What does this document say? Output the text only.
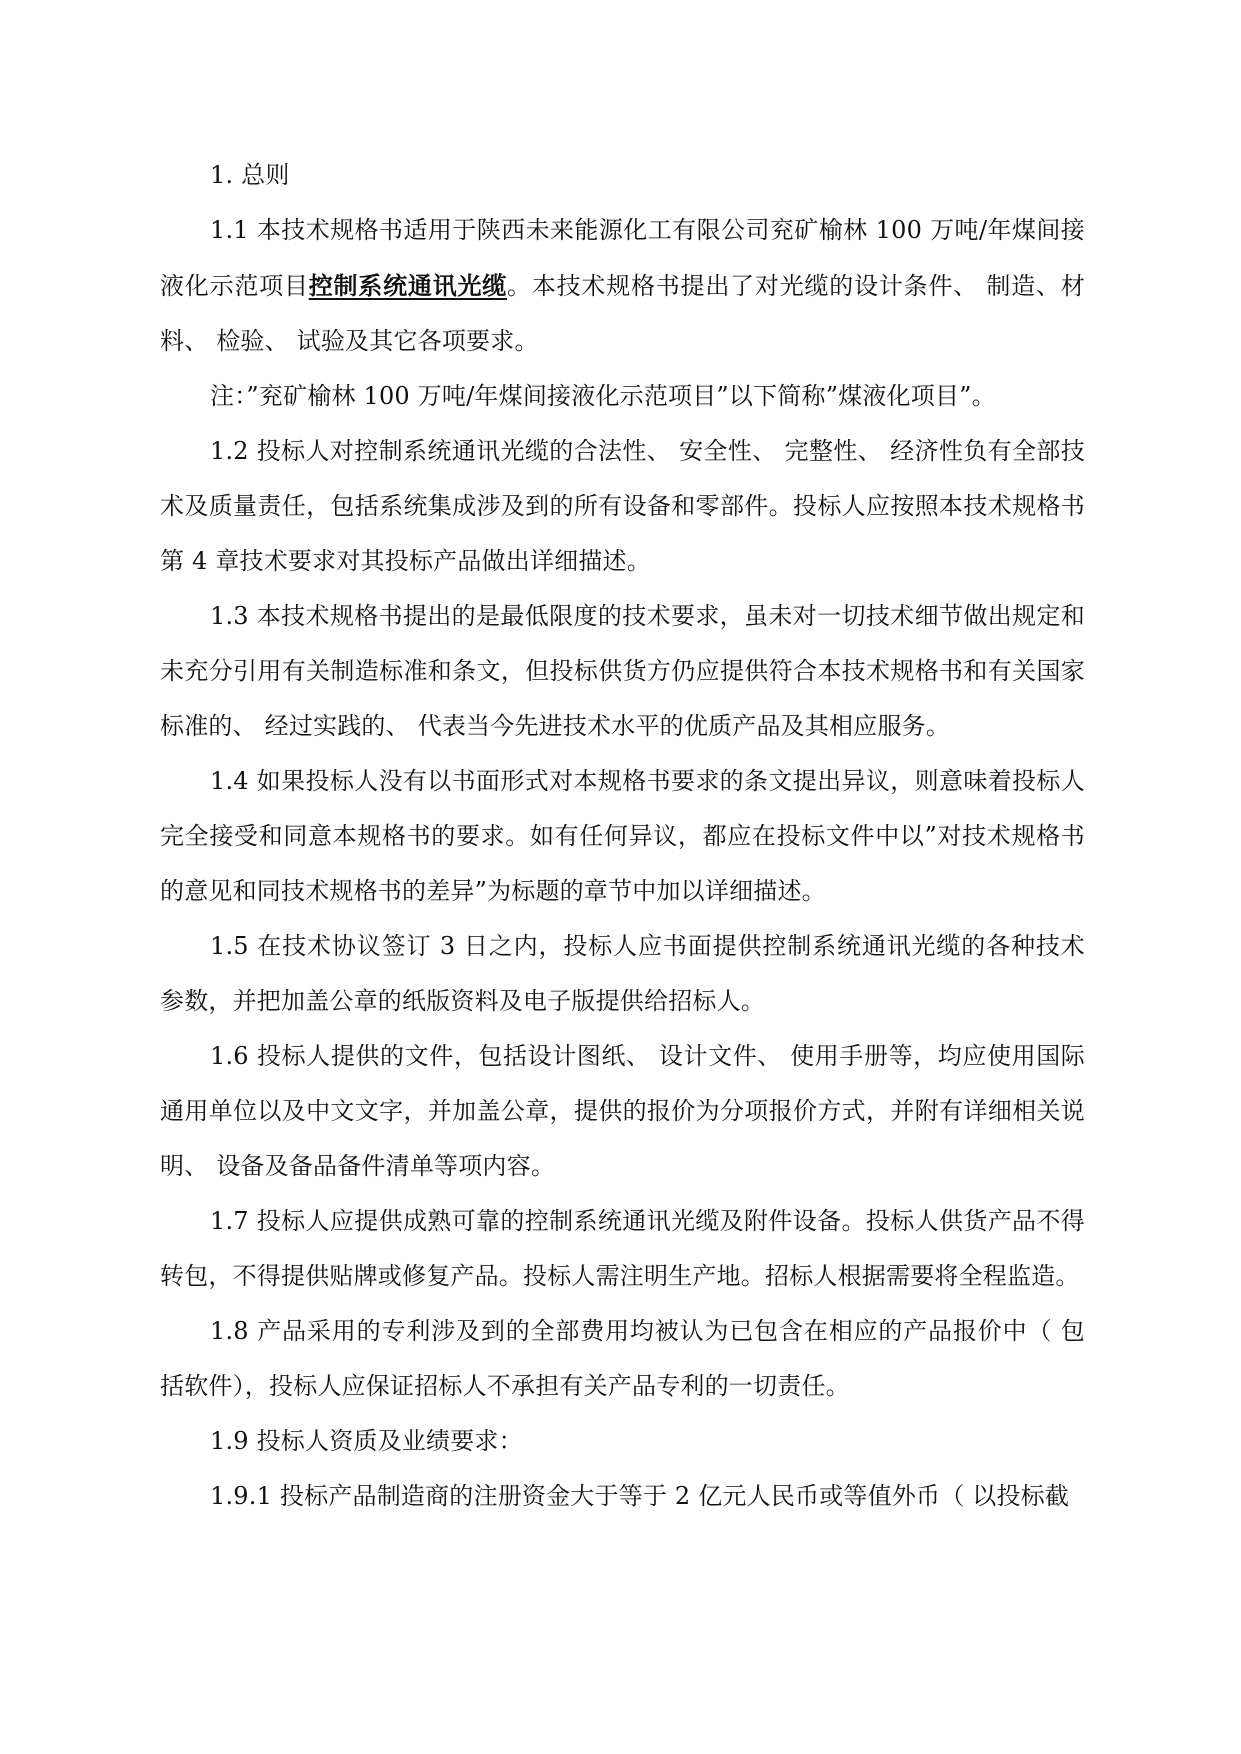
1. 总则

1.1 本技术规格书适用于陕西未来能源化工有限公司兖矿榆林 100 万吨/年煤间接液化示范项目控制系统通讯光缆。本技术规格书提出了对光缆的设计条件、 制造、材料、 检验、 试验及其它各项要求。

注：”兖矿榆林 100 万吨/年煤间接液化示范项目”以下简称”煤液化项目”。

1.2 投标人对控制系统通讯光缆的合法性、 安全性、 完整性、 经济性负有全部技术及质量责任，包括系统集成涉及到的所有设备和零部件。投标人应按照本技术规格书第 4 章技术要求对其投标产品做出详细描述。

1.3 本技术规格书提出的是最低限度的技术要求，虽未对一切技术细节做出规定和未充分引用有关制造标准和条文，但投标供货方仍应提供符合本技术规格书和有关国家标准的、 经过实践的、 代表当今先进技术水平的优质产品及其相应服务。

1.4 如果投标人没有以书面形式对本规格书要求的条文提出异议，则意味着投标人完全接受和同意本规格书的要求。如有任何异议，都应在投标文件中以”对技术规格书的意见和同技术规格书的差异”为标题的章节中加以详细描述。

1.5 在技术协议签订 3 日之内，投标人应书面提供控制系统通讯光缆的各种技术参数，并把加盖公章的纸版资料及电子版提供给招标人。

1.6 投标人提供的文件，包括设计图纸、 设计文件、 使用手册等，均应使用国际通用单位以及中文文字，并加盖公章，提供的报价为分项报价方式，并附有详细相关说明、 设备及备品备件清单等项内容。

1.7 投标人应提供成熟可靠的控制系统通讯光缆及附件设备。投标人供货产品不得转包，不得提供贴牌或修复产品。投标人需注明生产地。招标人根据需要将全程监造。

1.8 产品采用的专利涉及到的全部费用均被认为已包含在相应的产品报价中（ 包括软件），投标人应保证招标人不承担有关产品专利的一切责任。

1.9 投标人资质及业绩要求：

1.9.1 投标产品制造商的注册资金大于等于 2 亿元人民币或等值外币（ 以投标截
